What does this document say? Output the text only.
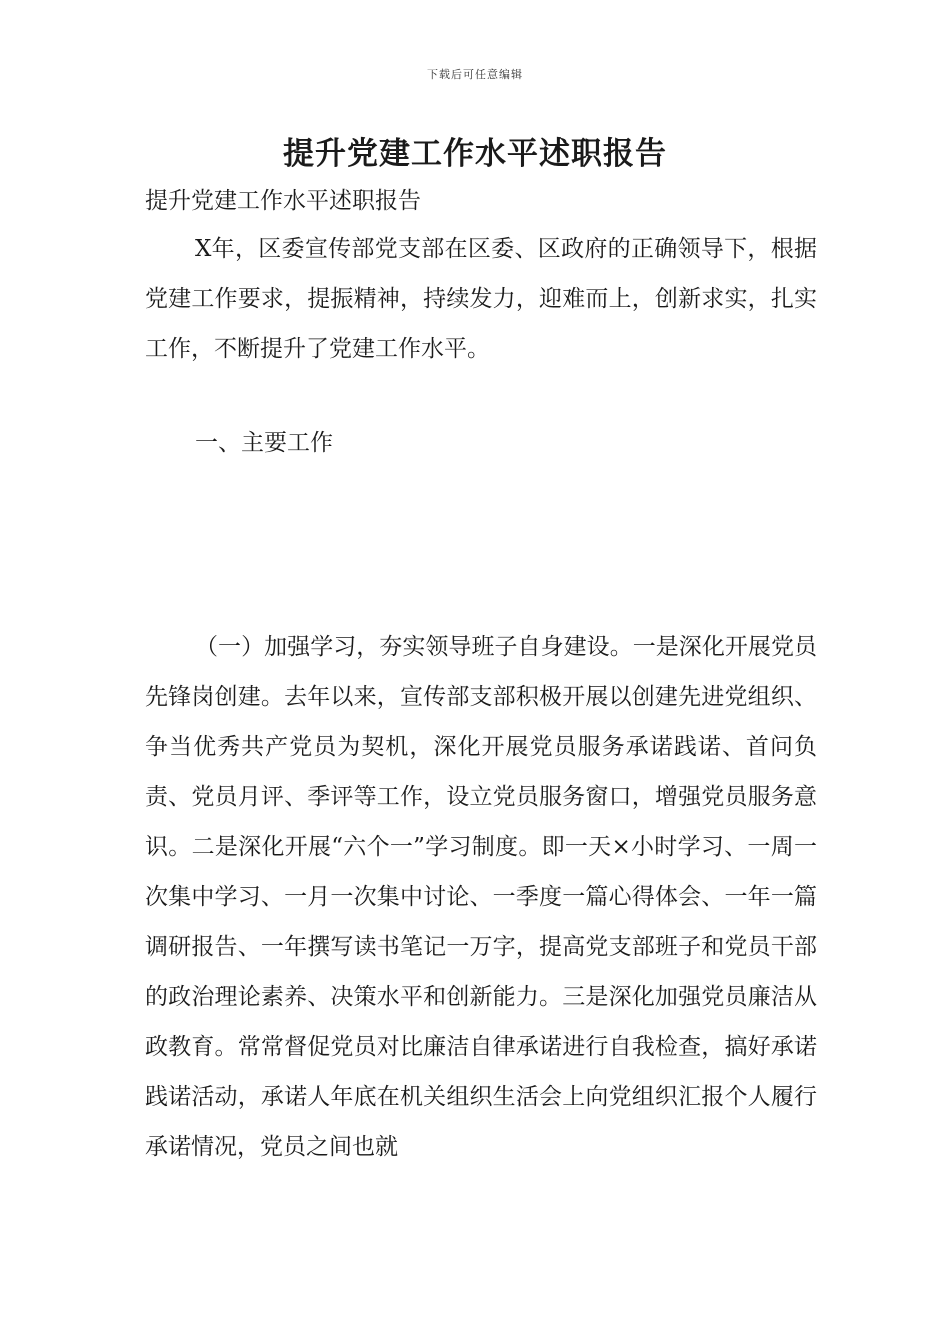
下载后可任意编辑
提升党建工作水平述职报告

提升党建工作水平述职报告

X年，区委宣传部党支部在区委、区政府的正确领导下，根据党建工作要求，提振精神，持续发力，迎难而上，创新求实，扎实工作，不断提升了党建工作水平。

一、主要工作

（一）加强学习，夯实领导班子自身建设。一是深化开展党员先锋岗创建。去年以来，宣传部支部积极开展以创建先进党组织、争当优秀共产党员为契机，深化开展党员服务承诺践诺、首问负责、党员月评、季评等工作，设立党员服务窗口，增强党员服务意识。二是深化开展“六个一”学习制度。即一天×小时学习、一周一次集中学习、一月一次集中讨论、一季度一篇心得体会、一年一篇调研报告、一年撰写读书笔记一万字，提高党支部班子和党员干部的政治理论素养、决策水平和创新能力。三是深化加强党员廉洁从政教育。常常督促党员对比廉洁自律承诺进行自我检查，搞好承诺践诺活动，承诺人年底在机关组织生活会上向党组织汇报个人履行承诺情况，党员之间也就
